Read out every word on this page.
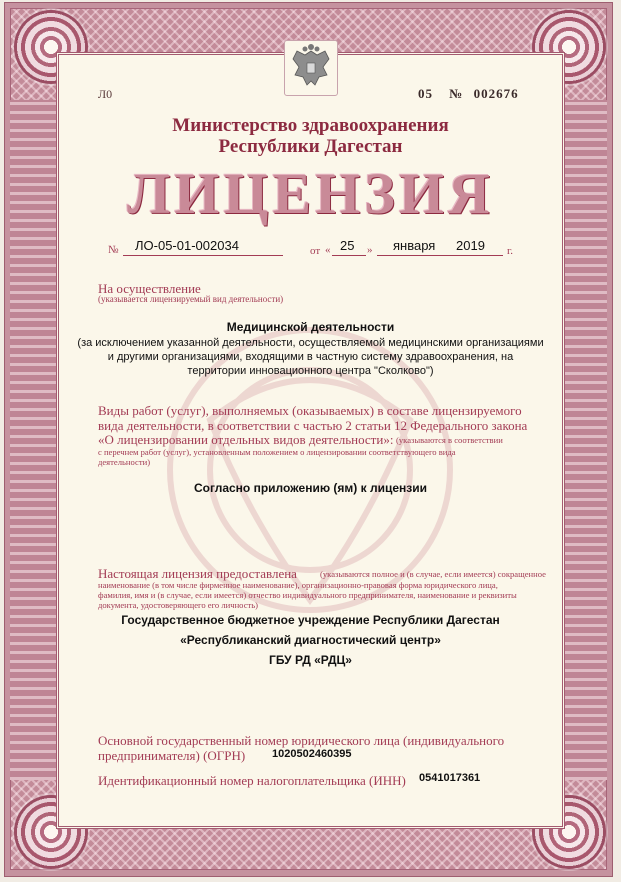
Л0	05 № 002676
Министерство здравоохранения
Республики Дагестан
ЛИЦЕНЗИЯ
№ ЛО-05-01-002034	от « 25 » января 2019 г.
На осуществление
(указывается лицензируемый вид деятельности)
Медицинской деятельности
(за исключением указанной деятельности, осуществляемой медицинскими организациями
и другими организациями, входящими в частную систему здравоохранения, на
территории инновационного центра "Сколково")
Виды работ (услуг), выполняемых (оказываемых) в составе лицензируемого
вида деятельности, в соответствии с частью 2 статьи 12 Федерального закона
«О лицензировании отдельных видов деятельности»: (указываются в соответствии
с перечнем работ (услуг), установленным положением о лицензировании соответствующего вида
деятельности)
Согласно приложению (ям) к лицензии
Настоящая лицензия предоставлена	(указываются полное и (в случае, если имеется) сокращенное
наименование (в том числе фирменное наименование), организационно-правовая форма юридического лица,
фамилия, имя и (в случае, если имеется) отчество индивидуального предпринимателя, наименование и реквизиты
документа, удостоверяющего его личность)
Государственное бюджетное учреждение Республики Дагестан
«Республиканский диагностический центр»
ГБУ РД «РДЦ»
Основной государственный номер юридического лица (индивидуального
предпринимателя) (ОГРН) 1020502460395
Идентификационный номер налогоплательщика (ИНН) 0541017361
